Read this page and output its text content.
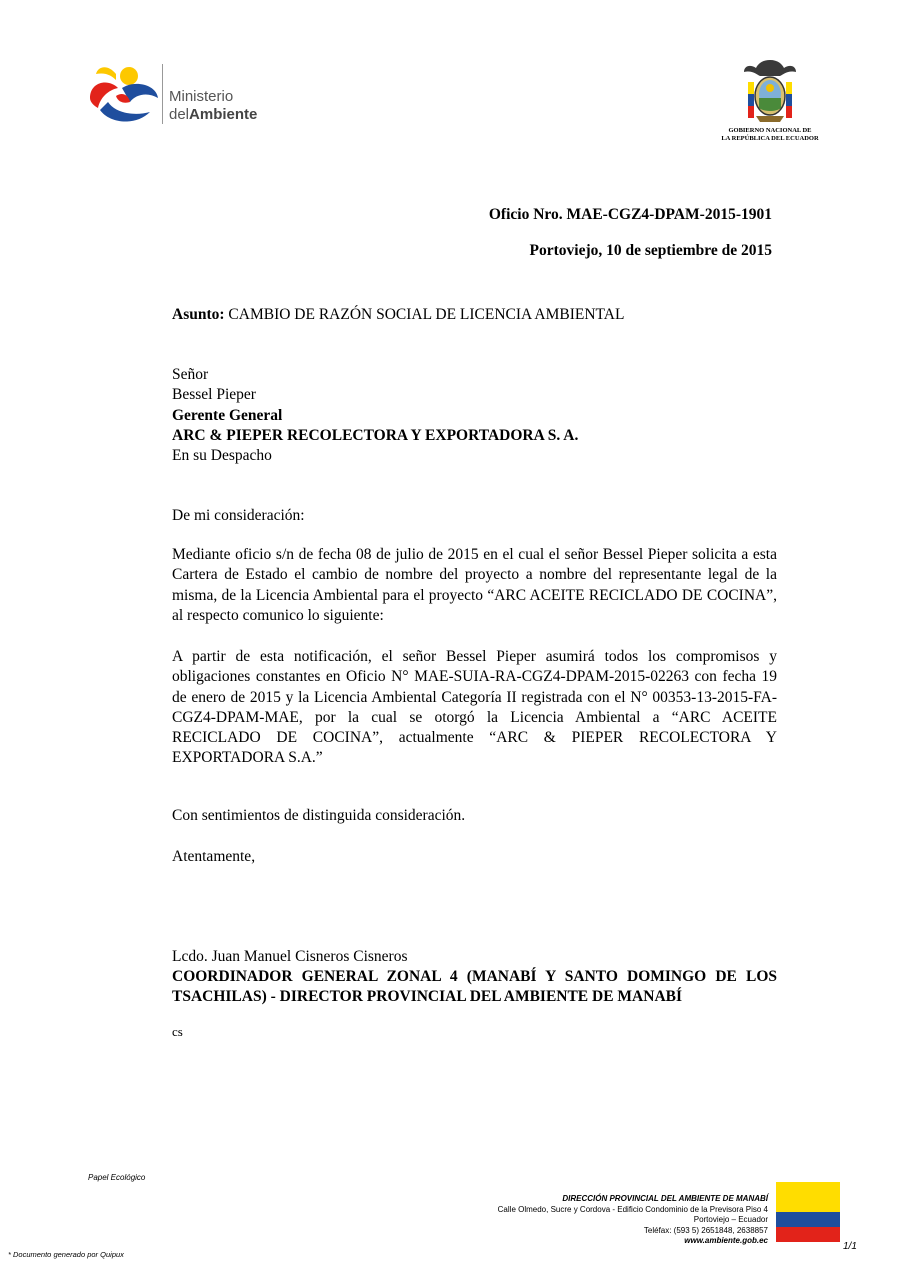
Ministerio
delAmbiente
GOBIERNO NACIONAL DE
LA REPÚBLICA DEL ECUADOR
Oficio Nro. MAE-CGZ4-DPAM-2015-1901
Portoviejo, 10 de septiembre de 2015
Asunto: CAMBIO DE RAZÓN SOCIAL DE LICENCIA AMBIENTAL
Señor
Bessel Pieper
Gerente General
ARC & PIEPER RECOLECTORA Y EXPORTADORA S. A.
En su Despacho
De mi consideración:
Mediante oficio s/n de fecha 08 de julio de 2015 en el cual el señor Bessel Pieper solicita a esta Cartera de Estado el cambio de nombre del proyecto a nombre del representante legal de la misma, de la Licencia Ambiental para el proyecto “ARC ACEITE RECICLADO DE COCINA”, al respecto comunico lo siguiente:
A partir de esta notificación, el señor Bessel Pieper asumirá todos los compromisos y obligaciones constantes en Oficio N° MAE-SUIA-RA-CGZ4-DPAM-2015-02263 con fecha 19 de enero de 2015 y la Licencia Ambiental Categoría II registrada con el N° 00353-13-2015-FA-CGZ4-DPAM-MAE, por la cual se otorgó la Licencia Ambiental a “ARC ACEITE RECICLADO DE COCINA”, actualmente “ARC & PIEPER RECOLECTORA Y EXPORTADORA S.A.”
Con sentimientos de distinguida consideración.
Atentamente,
Lcdo. Juan Manuel Cisneros Cisneros
COORDINADOR GENERAL ZONAL 4 (MANABÍ Y SANTO DOMINGO DE LOS TSACHILAS) - DIRECTOR PROVINCIAL DEL AMBIENTE DE MANABÍ
cs
Papel Ecológico
* Documento generado por Quipux
DIRECCIÓN PROVINCIAL DEL AMBIENTE DE MANABÍ
Calle Olmedo, Sucre y Cordova - Edificio Condominio de la Previsora Piso 4
Portoviejo – Ecuador
Teléfax: (593 5) 2651848, 2638857
www.ambiente.gob.ec
1/1
